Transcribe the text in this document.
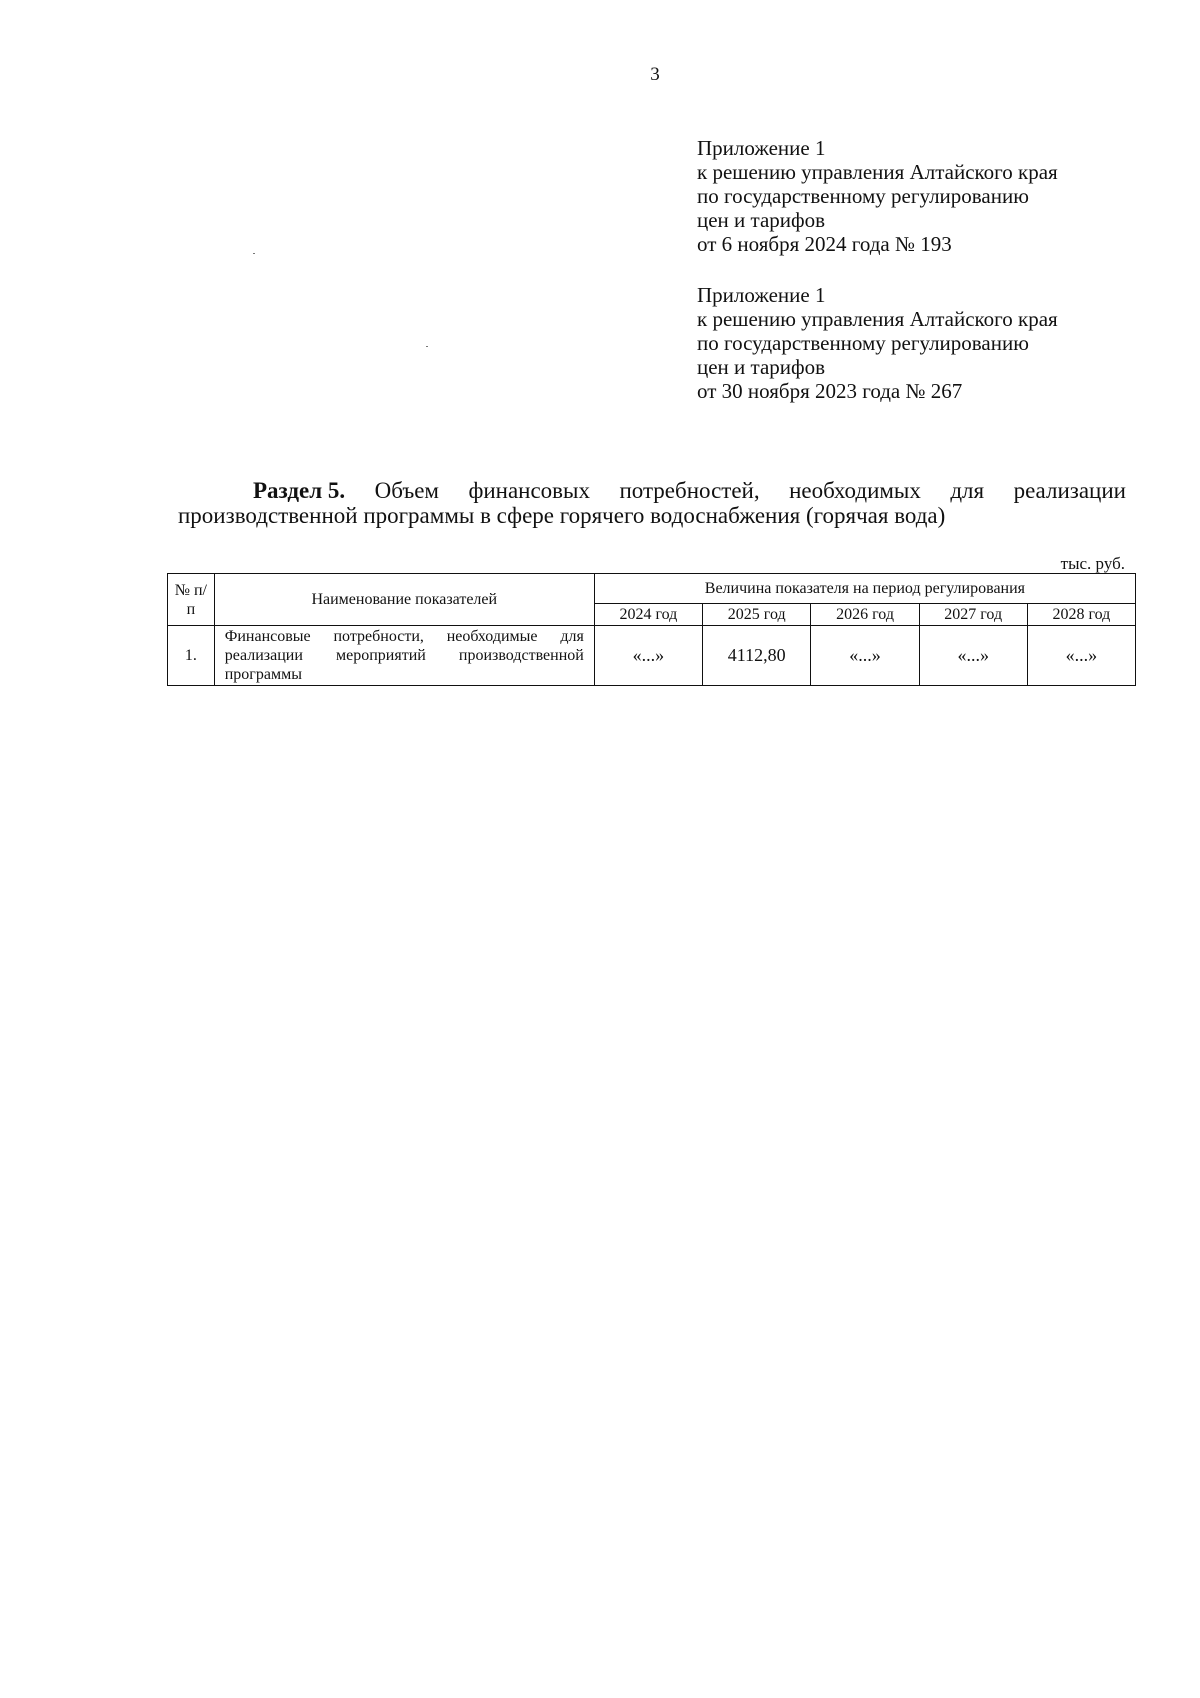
3
Приложение 1
к решению управления Алтайского края
по государственному регулированию
цен и тарифов
от 6 ноября 2024 года № 193
Приложение 1
к решению управления Алтайского края
по государственному регулированию
цен и тарифов
от 30 ноября 2023 года № 267
Раздел 5. Объем финансовых потребностей, необходимых для реализации
производственной программы в сфере горячего водоснабжения (горячая вода)
тыс. руб.
№ п/п	Наименование показателей	Величина показателя на период регулирования				
		2024 год	2025 год	2026 год	2027 год	2028 год
1.	Финансовые потребности, необходимые для реализации мероприятий производственной программы	«...»	4112,80	«...»	«...»	«...»
